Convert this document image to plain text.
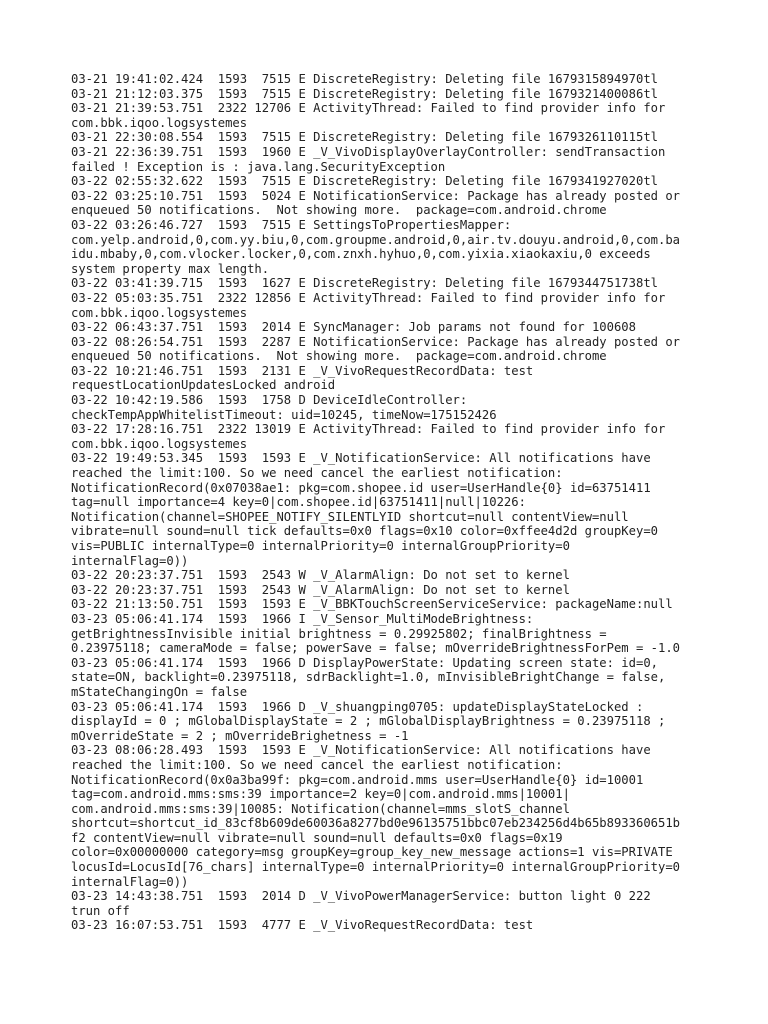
03-21 19:41:02.424  1593  7515 E DiscreteRegistry: Deleting file 1679315894970tl
03-21 21:12:03.375  1593  7515 E DiscreteRegistry: Deleting file 1679321400086tl
03-21 21:39:53.751  2322 12706 E ActivityThread: Failed to find provider info for
com.bbk.iqoo.logsystemes
03-21 22:30:08.554  1593  7515 E DiscreteRegistry: Deleting file 1679326110115tl
03-21 22:36:39.751  1593  1960 E _V_VivoDisplayOverlayController: sendTransaction
failed ! Exception is : java.lang.SecurityException
03-22 02:55:32.622  1593  7515 E DiscreteRegistry: Deleting file 1679341927020tl
03-22 03:25:10.751  1593  5024 E NotificationService: Package has already posted or
enqueued 50 notifications.  Not showing more.  package=com.android.chrome
03-22 03:26:46.727  1593  7515 E SettingsToPropertiesMapper:
com.yelp.android,0,com.yy.biu,0,com.groupme.android,0,air.tv.douyu.android,0,com.ba
idu.mbaby,0,com.vlocker.locker,0,com.znxh.hyhuo,0,com.yixia.xiaokaxiu,0 exceeds
system property max length.
03-22 03:41:39.715  1593  1627 E DiscreteRegistry: Deleting file 1679344751738tl
03-22 05:03:35.751  2322 12856 E ActivityThread: Failed to find provider info for
com.bbk.iqoo.logsystemes
03-22 06:43:37.751  1593  2014 E SyncManager: Job params not found for 100608
03-22 08:26:54.751  1593  2287 E NotificationService: Package has already posted or
enqueued 50 notifications.  Not showing more.  package=com.android.chrome
03-22 10:21:46.751  1593  2131 E _V_VivoRequestRecordData: test
requestLocationUpdatesLocked android
03-22 10:42:19.586  1593  1758 D DeviceIdleController:
checkTempAppWhitelistTimeout: uid=10245, timeNow=175152426
03-22 17:28:16.751  2322 13019 E ActivityThread: Failed to find provider info for
com.bbk.iqoo.logsystemes
03-22 19:49:53.345  1593  1593 E _V_NotificationService: All notifications have
reached the limit:100. So we need cancel the earliest notification:
NotificationRecord(0x07038ae1: pkg=com.shopee.id user=UserHandle{0} id=63751411
tag=null importance=4 key=0|com.shopee.id|63751411|null|10226:
Notification(channel=SHOPEE_NOTIFY_SILENTLYID shortcut=null contentView=null
vibrate=null sound=null tick defaults=0x0 flags=0x10 color=0xffee4d2d groupKey=0
vis=PUBLIC internalType=0 internalPriority=0 internalGroupPriority=0
internalFlag=0))
03-22 20:23:37.751  1593  2543 W _V_AlarmAlign: Do not set to kernel
03-22 20:23:37.751  1593  2543 W _V_AlarmAlign: Do not set to kernel
03-22 21:13:50.751  1593  1593 E _V_BBKTouchScreenServiceService: packageName:null
03-23 05:06:41.174  1593  1966 I _V_Sensor_MultiModeBrightness:
getBrightnessInvisible initial brightness = 0.29925802; finalBrightness =
0.23975118; cameraMode = false; powerSave = false; mOverrideBrightnessForPem = -1.0
03-23 05:06:41.174  1593  1966 D DisplayPowerState: Updating screen state: id=0,
state=ON, backlight=0.23975118, sdrBacklight=1.0, mInvisibleBrightChange = false,
mStateChangingOn = false
03-23 05:06:41.174  1593  1966 D _V_shuangping0705: updateDisplayStateLocked :
displayId = 0 ; mGlobalDisplayState = 2 ; mGlobalDisplayBrightness = 0.23975118 ;
mOverrideState = 2 ; mOverrideBrighetness = -1
03-23 08:06:28.493  1593  1593 E _V_NotificationService: All notifications have
reached the limit:100. So we need cancel the earliest notification:
NotificationRecord(0x0a3ba99f: pkg=com.android.mms user=UserHandle{0} id=10001
tag=com.android.mms:sms:39 importance=2 key=0|com.android.mms|10001|
com.android.mms:sms:39|10085: Notification(channel=mms_slotS_channel
shortcut=shortcut_id_83cf8b609de60036a8277bd0e96135751bbc07eb234256d4b65b893360651b
f2 contentView=null vibrate=null sound=null defaults=0x0 flags=0x19
color=0x00000000 category=msg groupKey=group_key_new_message actions=1 vis=PRIVATE
locusId=LocusId[76_chars] internalType=0 internalPriority=0 internalGroupPriority=0
internalFlag=0))
03-23 14:43:38.751  1593  2014 D _V_VivoPowerManagerService: button light 0 222
trun off
03-23 16:07:53.751  1593  4777 E _V_VivoRequestRecordData: test
